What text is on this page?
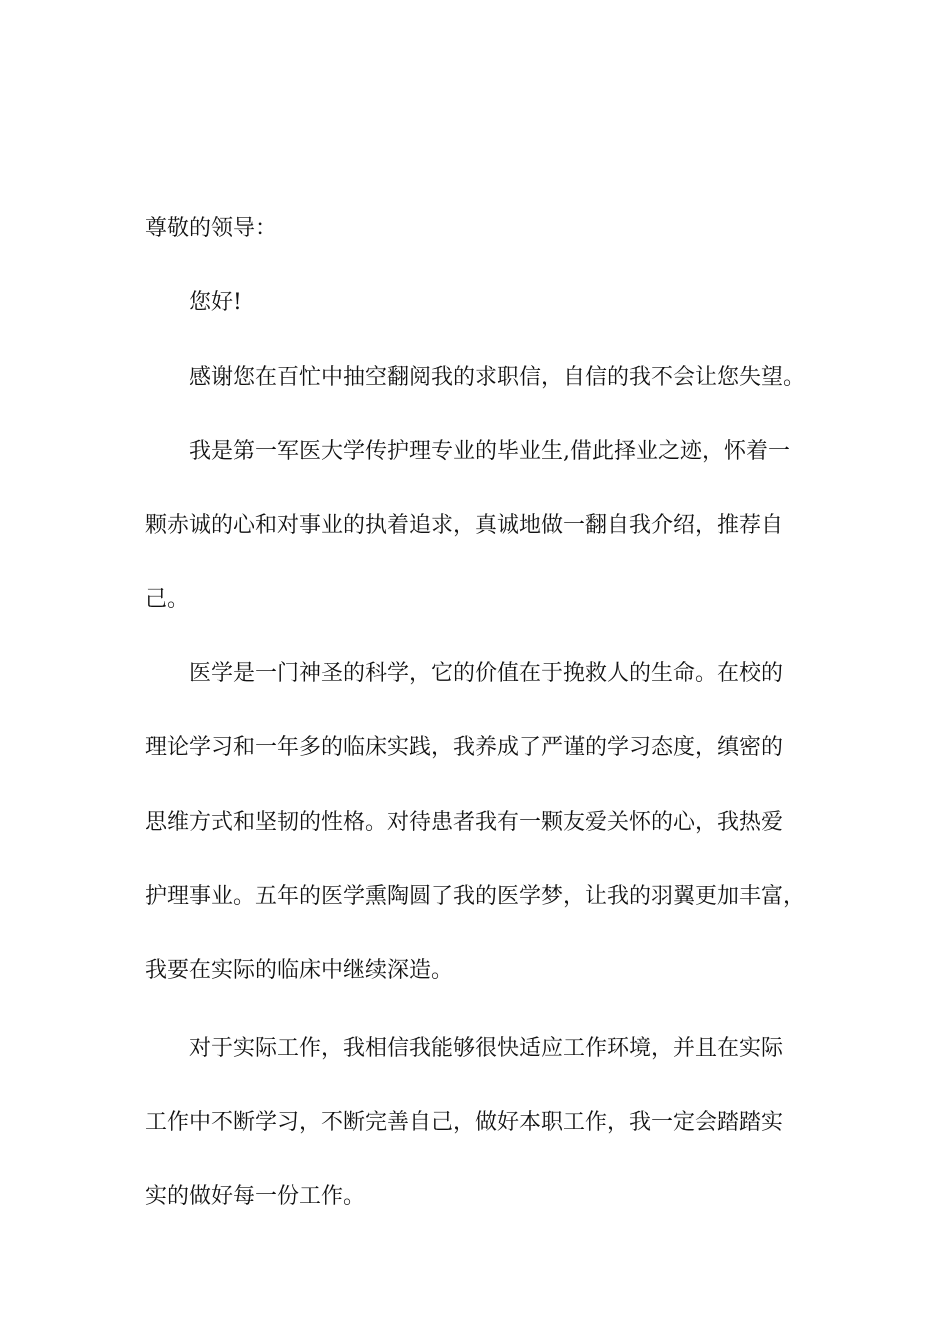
尊敬的领导：
您好!
感谢您在百忙中抽空翻阅我的求职信，自信的我不会让您失望。
我是第一军医大学传护理专业的毕业生,借此择业之迹，怀着一
颗赤诚的心和对事业的执着追求，真诚地做一翻自我介绍，推荐自
己。
医学是一门神圣的科学，它的价值在于挽救人的生命。在校的
理论学习和一年多的临床实践，我养成了严谨的学习态度，缜密的
思维方式和坚韧的性格。对待患者我有一颗友爱关怀的心，我热爱
护理事业。五年的医学熏陶圆了我的医学梦，让我的羽翼更加丰富，
我要在实际的临床中继续深造。
对于实际工作，我相信我能够很快适应工作环境，并且在实际
工作中不断学习，不断完善自己，做好本职工作，我一定会踏踏实
实的做好每一份工作。
